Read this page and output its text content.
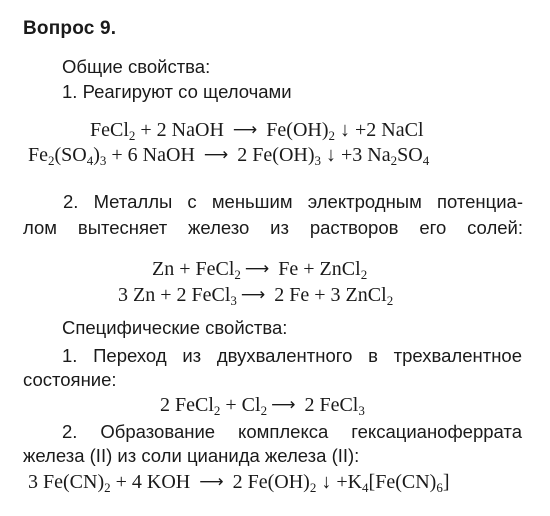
Вопрос 9.
Общие свойства:
1. Реагируют со щелочами
FeCl$_2$ + 2 NaOH ⟶ $Fe(OH)_2$ ↓ +2 NaCl
$Fe_2(SO_4)_3 + 6$ NaOH ⟶ 2 $Fe(OH)_3$ ↓ +3 $Na_2SO_4$
2. Металлы с меньшим электродным потенциа-
лом вытесняет железо из растворов его солей:
Zn + FeCl$_2$ ⟶ Fe + ZnCl$_2$
3 Zn + 2 FeCl$_3$ ⟶ 2 Fe + 3 ZnCl$_2$
Специфические свойства:
1. Переход из двухвалентного в трехвалентное
состояние:
2 FeCl$_2$ + $Cl_2$ ⟶ 2 FeCl$_3$
2. Образование комплекса гексацианоферрата
железа (II) из соли цианида железа (II):
3 $Fe(CN)_2 + 4$ KOH ⟶ 2 $Fe(OH)_2$ ↓ $+K_4[Fe(CN)_6]$
